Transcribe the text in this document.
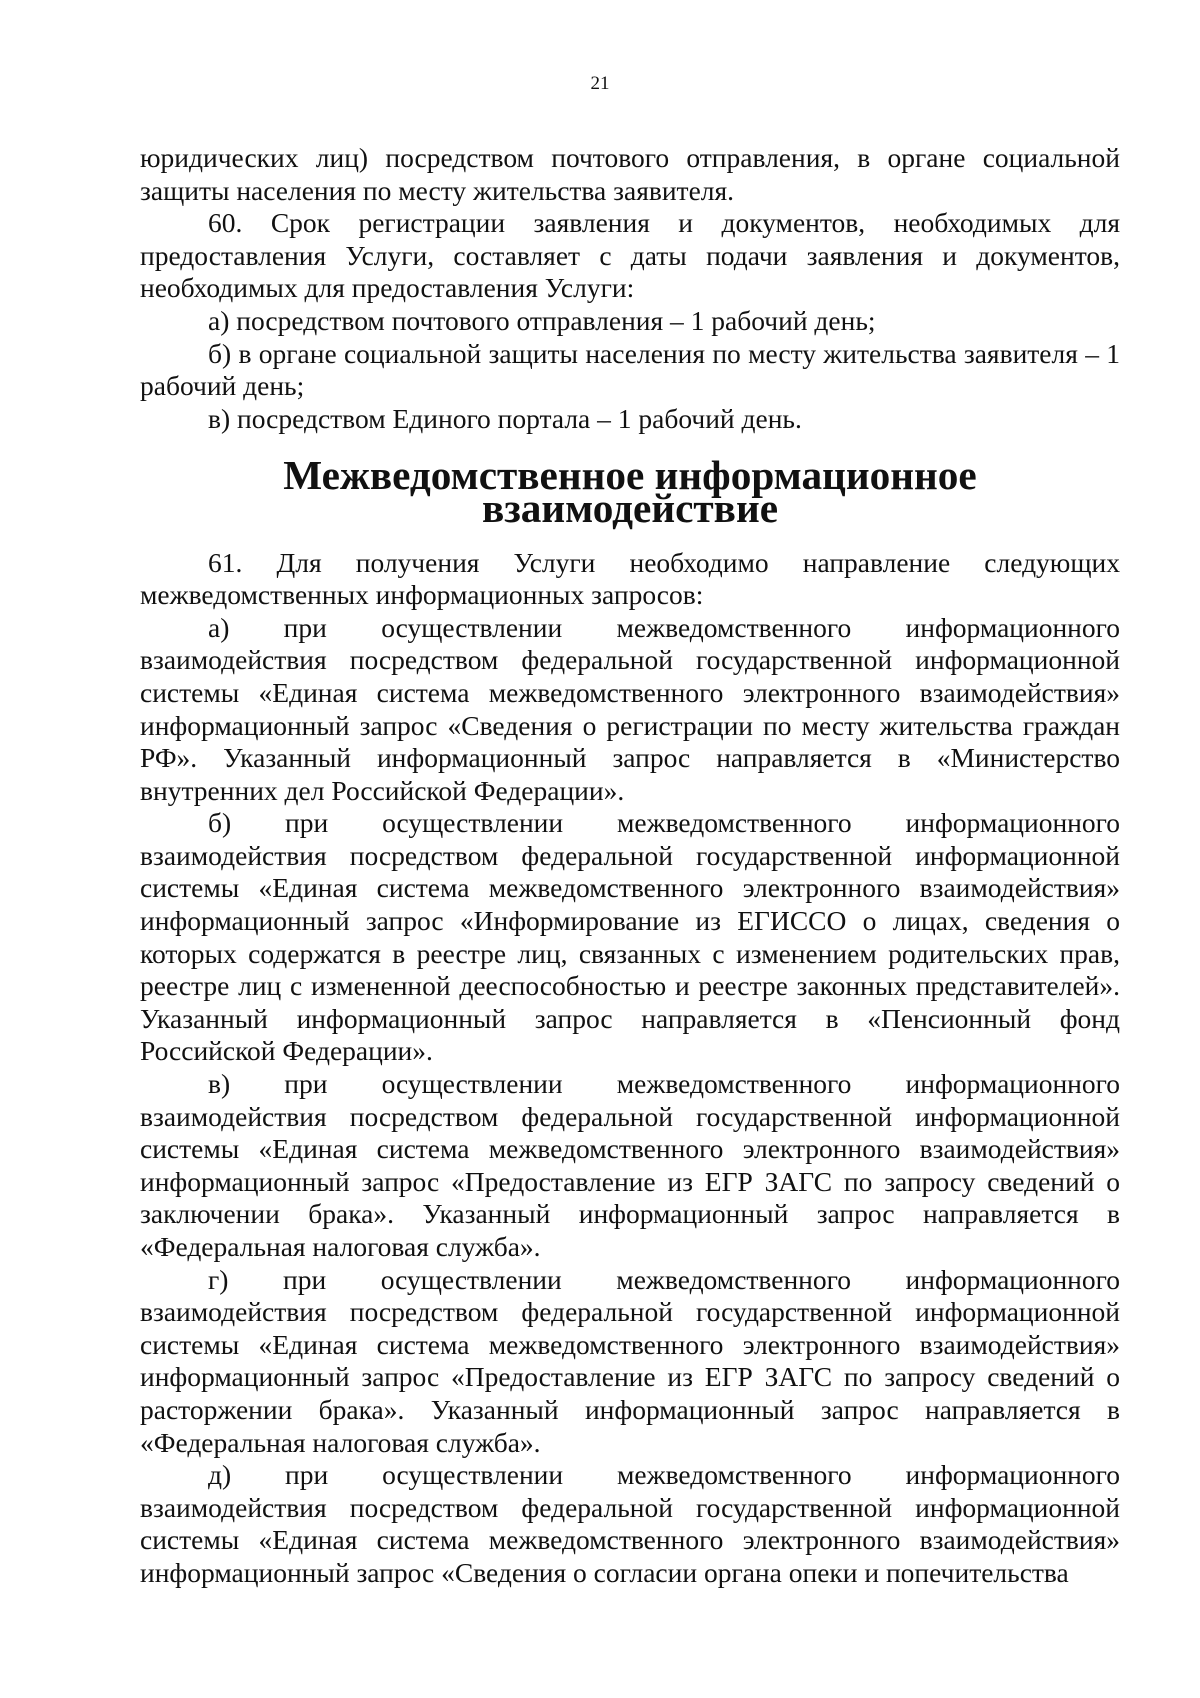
21

юридических лиц) посредством почтового отправления, в органе социальной защиты населения по месту жительства заявителя.

60. Срок регистрации заявления и документов, необходимых для предоставления Услуги, составляет с даты подачи заявления и документов, необходимых для предоставления Услуги:

а) посредством почтового отправления – 1 рабочий день;

б) в органе социальной защиты населения по месту жительства заявителя – 1 рабочий день;

в) посредством Единого портала – 1 рабочий день.

Межведомственное информационное взаимодействие

61. Для получения Услуги необходимо направление следующих межведомственных информационных запросов:

а) при осуществлении межведомственного информационного взаимодействия посредством федеральной государственной информационной системы «Единая система межведомственного электронного взаимодействия» информационный запрос «Сведения о регистрации по месту жительства граждан РФ». Указанный информационный запрос направляется в «Министерство внутренних дел Российской Федерации».

б) при осуществлении межведомственного информационного взаимодействия посредством федеральной государственной информационной системы «Единая система межведомственного электронного взаимодействия» информационный запрос «Информирование из ЕГИССО о лицах, сведения о которых содержатся в реестре лиц, связанных с изменением родительских прав, реестре лиц с измененной дееспособностью и реестре законных представителей». Указанный информационный запрос направляется в «Пенсионный фонд Российской Федерации».

в) при осуществлении межведомственного информационного взаимодействия посредством федеральной государственной информационной системы «Единая система межведомственного электронного взаимодействия» информационный запрос «Предоставление из ЕГР ЗАГС по запросу сведений о заключении брака». Указанный информационный запрос направляется в «Федеральная налоговая служба».

г) при осуществлении межведомственного информационного взаимодействия посредством федеральной государственной информационной системы «Единая система межведомственного электронного взаимодействия» информационный запрос «Предоставление из ЕГР ЗАГС по запросу сведений о расторжении брака». Указанный информационный запрос направляется в «Федеральная налоговая служба».

д) при осуществлении межведомственного информационного взаимодействия посредством федеральной государственной информационной системы «Единая система межведомственного электронного взаимодействия» информационный запрос «Сведения о согласии органа опеки и попечительства
